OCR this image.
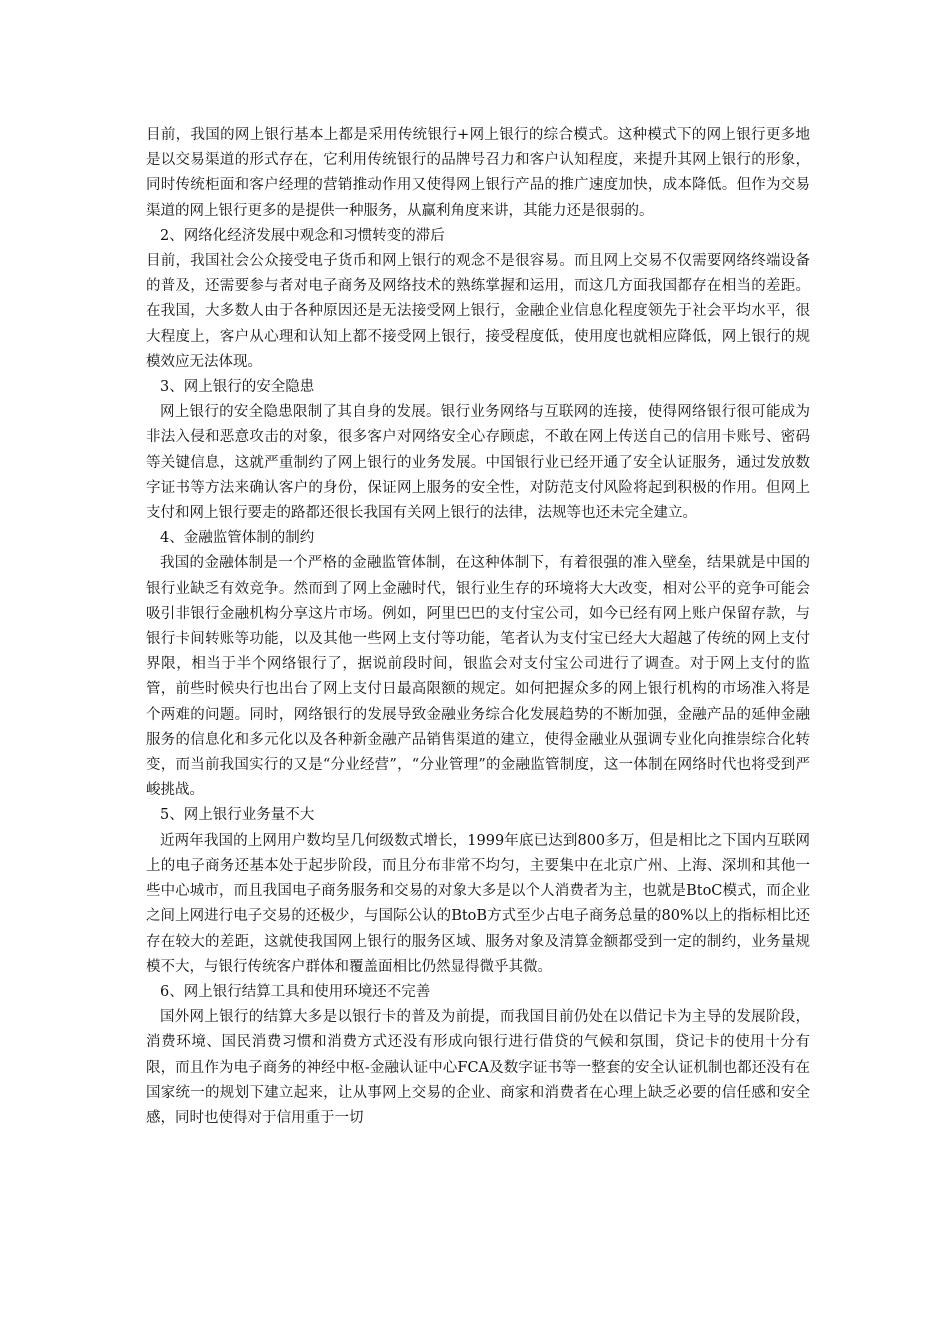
目前，我国的网上银行基本上都是采用传统银行+网上银行的综合模式。这种模式下的网上银行更多地是以交易渠道的形式存在，它利用传统银行的品牌号召力和客户认知程度，来提升其网上银行的形象，同时传统柜面和客户经理的营销推动作用又使得网上银行产品的推广速度加快，成本降低。但作为交易渠道的网上银行更多的是提供一种服务，从赢利角度来讲，其能力还是很弱的。

2、网络化经济发展中观念和习惯转变的滞后

目前，我国社会公众接受电子货币和网上银行的观念不是很容易。而且网上交易不仅需要网络终端设备的普及，还需要参与者对电子商务及网络技术的熟练掌握和运用，而这几方面我国都存在相当的差距。在我国，大多数人由于各种原因还是无法接受网上银行，金融企业信息化程度领先于社会平均水平，很大程度上，客户从心理和认知上都不接受网上银行，接受程度低，使用度也就相应降低，网上银行的规模效应无法体现。

3、网上银行的安全隐患

网上银行的安全隐患限制了其自身的发展。银行业务网络与互联网的连接，使得网络银行很可能成为非法入侵和恶意攻击的对象，很多客户对网络安全心存顾虑，不敢在网上传送自己的信用卡账号、密码等关键信息，这就严重制约了网上银行的业务发展。中国银行业已经开通了安全认证服务，通过发放数字证书等方法来确认客户的身份，保证网上服务的安全性，对防范支付风险将起到积极的作用。但网上支付和网上银行要走的路都还很长我国有关网上银行的法律，法规等也还未完全建立。

4、金融监管体制的制约

我国的金融体制是一个严格的金融监管体制，在这种体制下，有着很强的准入壁垒，结果就是中国的银行业缺乏有效竞争。然而到了网上金融时代，银行业生存的环境将大大改变，相对公平的竞争可能会吸引非银行金融机构分享这片市场。例如，阿里巴巴的支付宝公司，如今已经有网上账户保留存款，与银行卡间转账等功能，以及其他一些网上支付等功能，笔者认为支付宝已经大大超越了传统的网上支付界限，相当于半个网络银行了，据说前段时间，银监会对支付宝公司进行了调查。对于网上支付的监管，前些时候央行也出台了网上支付日最高限额的规定。如何把握众多的网上银行机构的市场准入将是个两难的问题。同时，网络银行的发展导致金融业务综合化发展趋势的不断加强，金融产品的延伸金融服务的信息化和多元化以及各种新金融产品销售渠道的建立，使得金融业从强调专业化向推崇综合化转变，而当前我国实行的又是“分业经营”，“分业管理”的金融监管制度，这一体制在网络时代也将受到严峻挑战。

5、网上银行业务量不大

近两年我国的上网用户数均呈几何级数式增长，1999年底已达到800多万，但是相比之下国内互联网上的电子商务还基本处于起步阶段，而且分布非常不均匀，主要集中在北京广州、上海、深圳和其他一些中心城市，而且我国电子商务服务和交易的对象大多是以个人消费者为主，也就是BtoC模式，而企业之间上网进行电子交易的还极少，与国际公认的BtoB方式至少占电子商务总量的80%以上的指标相比还存在较大的差距，这就使我国网上银行的服务区域、服务对象及清算金额都受到一定的制约，业务量规模不大，与银行传统客户群体和覆盖面相比仍然显得微乎其微。

6、网上银行结算工具和使用环境还不完善

国外网上银行的结算大多是以银行卡的普及为前提，而我国目前仍处在以借记卡为主导的发展阶段，消费环境、国民消费习惯和消费方式还没有形成向银行进行借贷的气候和氛围，贷记卡的使用十分有限，而且作为电子商务的神经中枢-金融认证中心FCA及数字证书等一整套的安全认证机制也都还没有在国家统一的规划下建立起来，让从事网上交易的企业、商家和消费者在心理上缺乏必要的信任感和安全感，同时也使得对于信用重于一切
